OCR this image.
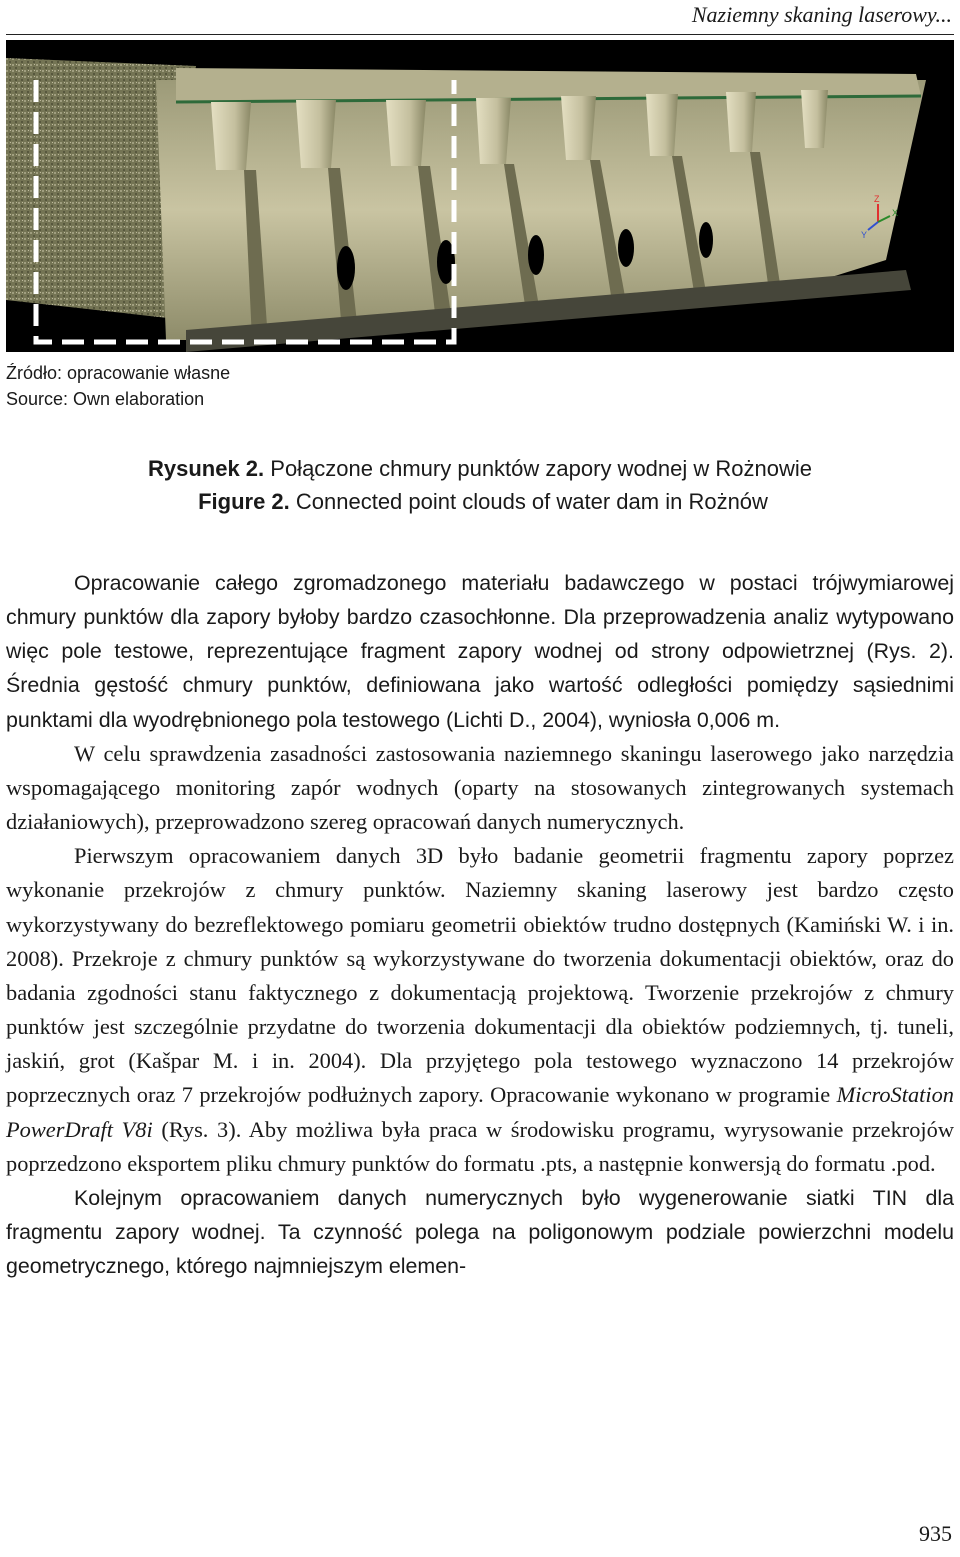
Naziemny skaning laserowy...
Z
X
Y
Źródło: opracowanie własne
Source: Own elaboration
Rysunek 2. Połączone chmury punktów zapory wodnej w Rożnowie
Figure 2. Connected point clouds of water dam in Rożnów

Opracowanie całego zgromadzonego materiału badawczego w postaci trójwymiarowej chmury punktów dla zapory byłoby bardzo czasochłonne. Dla przeprowadzenia analiz wytypowano więc pole testowe, reprezentujące fragment zapory wodnej od strony odpowietrznej (Rys. 2). Średnia gęstość chmury punktów, definiowana jako wartość odległości pomiędzy sąsiednimi punktami dla wyodrębnionego pola testowego (Lichti D., 2004), wyniosła 0,006 m.

W celu sprawdzenia zasadności zastosowania naziemnego skaningu laserowego jako narzędzia wspomagającego monitoring zapór wodnych (oparty na stosowanych zintegrowanych systemach działaniowych), przeprowadzono szereg opracowań danych numerycznych.

Pierwszym opracowaniem danych 3D było badanie geometrii fragmentu zapory poprzez wykonanie przekrojów z chmury punktów. Naziemny skaning laserowy jest bardzo często wykorzystywany do bezreflektowego pomiaru geometrii obiektów trudno dostępnych (Kamiński W. i in. 2008). Przekroje z chmury punktów są wykorzystywane do tworzenia dokumentacji obiektów, oraz do badania zgodności stanu faktycznego z dokumentacją projektową. Tworzenie przekrojów z chmury punktów jest szczególnie przydatne do tworzenia dokumentacji dla obiektów podziemnych, tj. tuneli, jaskiń, grot (Kašpar M. i in. 2004). Dla przyjętego pola testowego wyznaczono 14 przekrojów poprzecznych oraz 7 przekrojów podłużnych zapory. Opracowanie wykonano w programie MicroStation PowerDraft V8i (Rys. 3). Aby możliwa była praca w środowisku programu, wyrysowanie przekrojów poprzedzono eksportem pliku chmury punktów do formatu .pts, a następnie konwersją do formatu .pod.

Kolejnym opracowaniem danych numerycznych było wygenerowanie siatki TIN dla fragmentu zapory wodnej. Ta czynność polega na poligonowym podziale powierzchni modelu geometrycznego, którego najmniejszym elemen-

935
